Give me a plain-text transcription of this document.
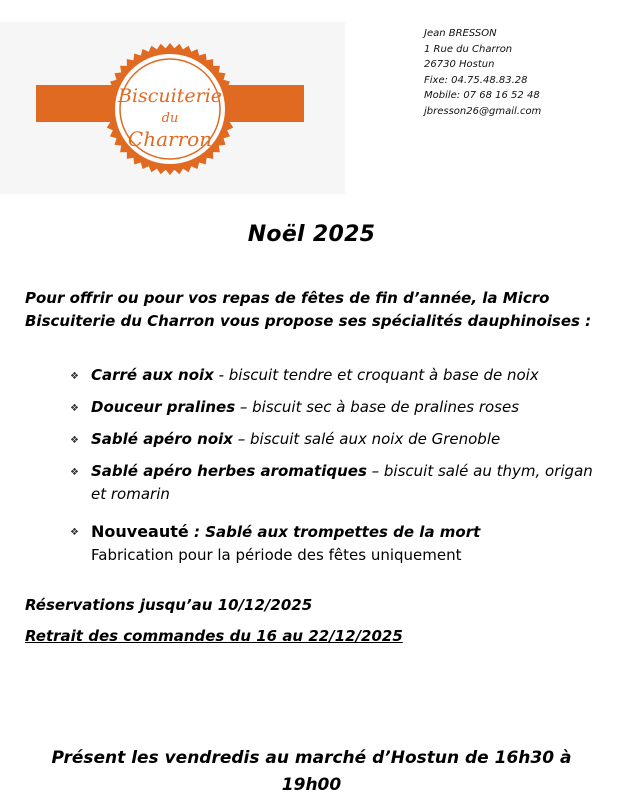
Biscuiterie
du
Charron
Jean BRESSON
1 Rue du Charron
26730 Hostun
Fixe: 04.75.48.83.28
Mobile: 07 68 16 52 48
jbresson26@gmail.com
Noël 2025
Pour offrir ou pour vos repas de fêtes de fin d’année, la Micro Biscuiterie du Charron vous propose ses spécialités dauphinoises :
❖ Carré aux noix - biscuit tendre et croquant à base de noix
❖ Douceur pralines – biscuit sec à base de pralines roses
❖ Sablé apéro noix – biscuit salé aux noix de Grenoble
❖ Sablé apéro herbes aromatiques – biscuit salé au thym, origan et romarin
❖ Nouveauté : Sablé aux trompettes de la mort
Fabrication pour la période des fêtes uniquement
Réservations jusqu’au 10/12/2025
Retrait des commandes du 16 au 22/12/2025
Présent les vendredis au marché d’Hostun de 16h30 à 19h00
